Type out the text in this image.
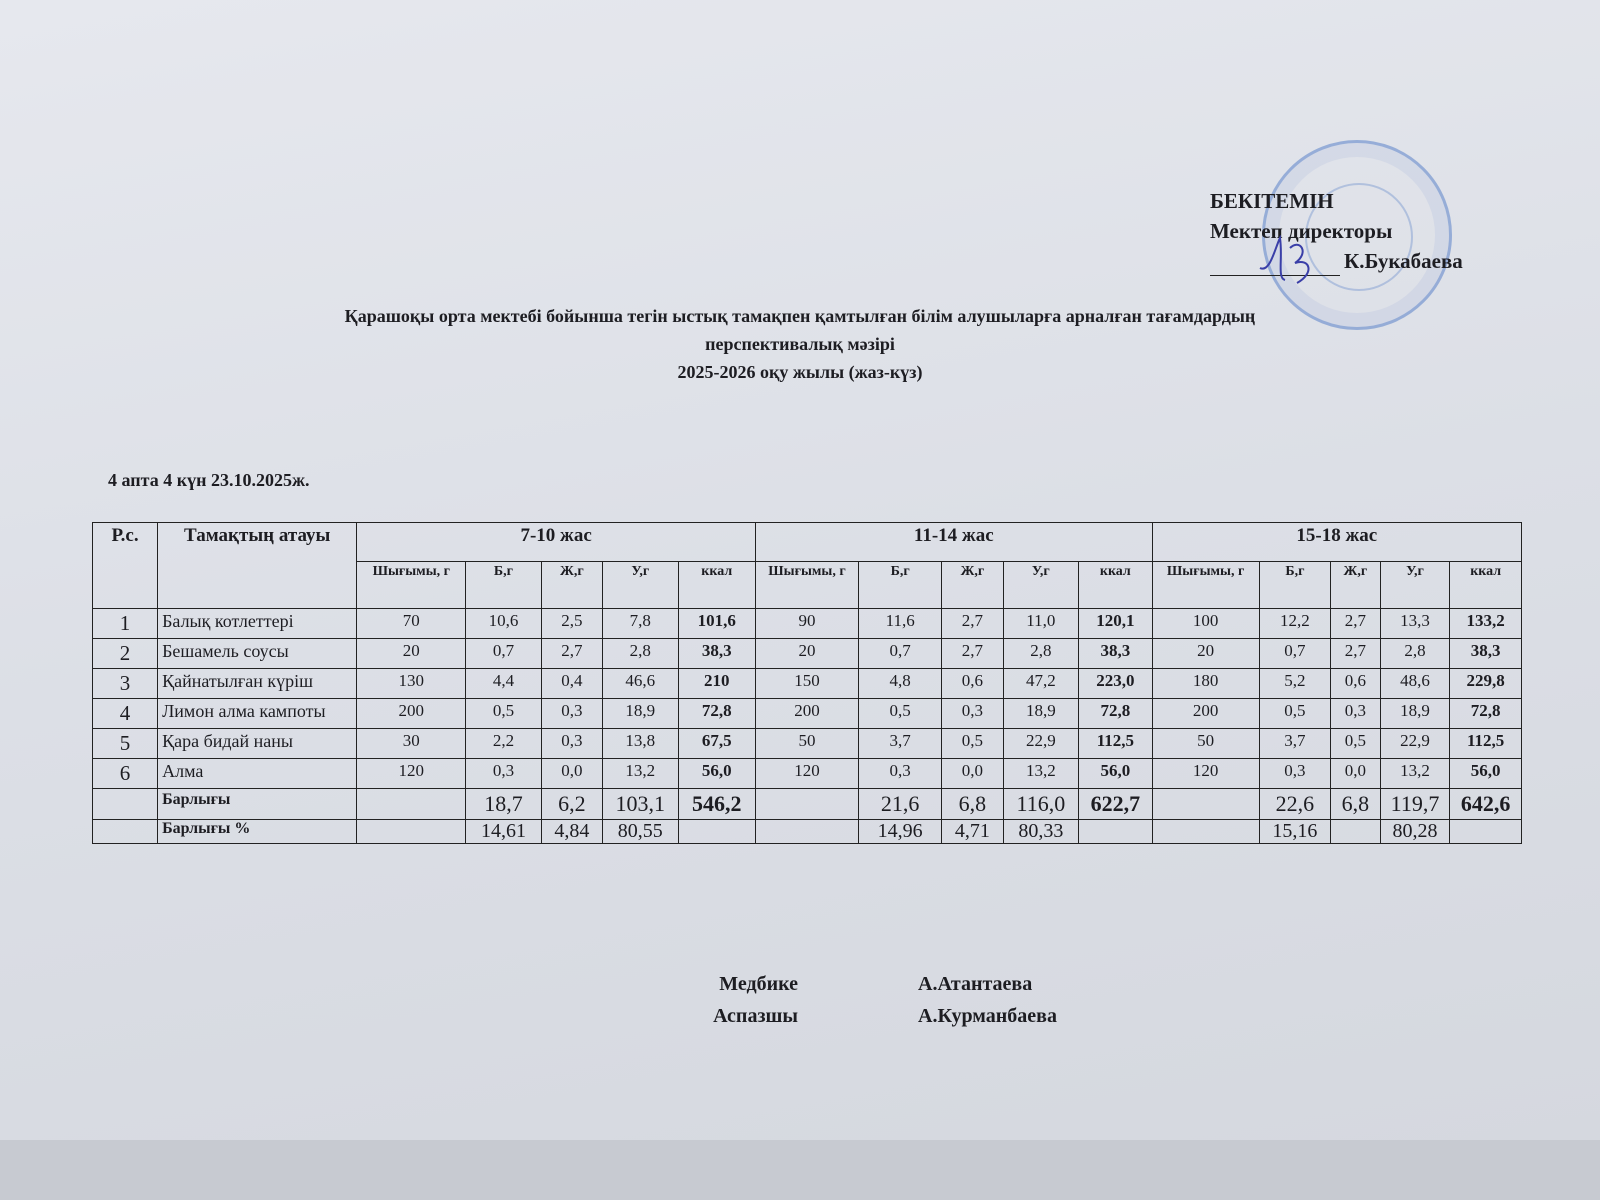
БЕКІТЕМІН
Мектеп директоры
К.Букабаева
Қарашоқы орта мектебі бойынша тегін ыстық тамақпен қамтылған білім алушыларға арналған тағамдардың
перспективалық мәзірі
2025-2026 оқу жылы (жаз-күз)
4 апта 4 күн 23.10.2025ж.
Р.с.	Тамақтың атауы	7-10 жас					11-14 жас					15-18 жас				
		Шығымы, г	Б,г	Ж,г	У,г	ккал	Шығымы, г	Б,г	Ж,г	У,г	ккал	Шығымы, г	Б,г	Ж,г	У,г	ккал
1	Балық котлеттері	70	10,6	2,5	7,8	101,6	90	11,6	2,7	11,0	120,1	100	12,2	2,7	13,3	133,2
2	Бешамель соусы	20	0,7	2,7	2,8	38,3	20	0,7	2,7	2,8	38,3	20	0,7	2,7	2,8	38,3
3	Қайнатылған күріш	130	4,4	0,4	46,6	210	150	4,8	0,6	47,2	223,0	180	5,2	0,6	48,6	229,8
4	Лимон алма кампоты	200	0,5	0,3	18,9	72,8	200	0,5	0,3	18,9	72,8	200	0,5	0,3	18,9	72,8
5	Қара бидай наны	30	2,2	0,3	13,8	67,5	50	3,7	0,5	22,9	112,5	50	3,7	0,5	22,9	112,5
6	Алма	120	0,3	0,0	13,2	56,0	120	0,3	0,0	13,2	56,0	120	0,3	0,0	13,2	56,0
	Барлығы		18,7	6,2	103,1	546,2		21,6	6,8	116,0	622,7		22,6	6,8	119,7	642,6
	Барлығы %		14,61	4,84	80,55			14,96	4,71	80,33			15,16		80,28	
Медбике	А.Атантаева
Аспазшы	А.Курманбаева
